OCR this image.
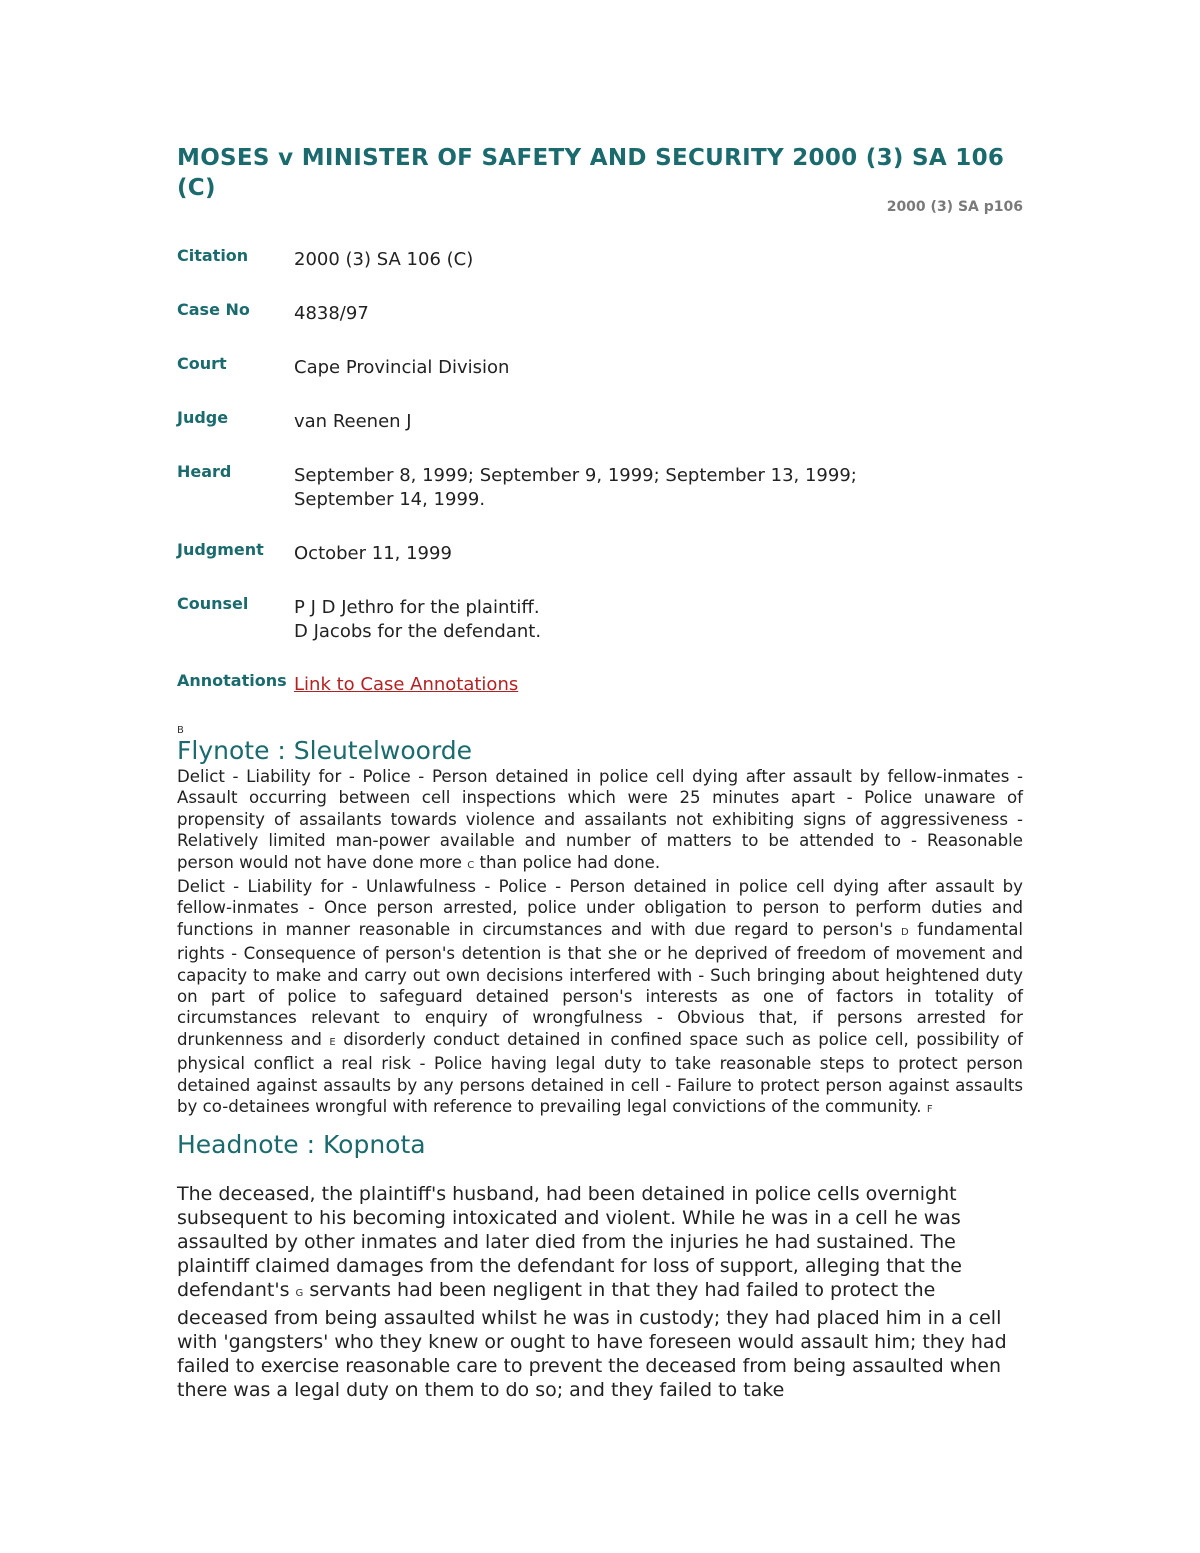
MOSES v MINISTER OF SAFETY AND SECURITY 2000 (3) SA 106 (C)
2000 (3) SA p106
Citation	2000 (3) SA 106 (C)
Case No 4838/97
Court	Cape Provincial Division
Judge	van Reenen J
Heard	September 8, 1999; September 9, 1999; September 13, 1999;
September 14, 1999.
Judgment October 11, 1999
Counsel	P J D Jethro for the plaintiff.
D Jacobs for the defendant.
Annotations Link to Case Annotations
B
Flynote : Sleutelwoorde

Delict - Liability for - Police - Person detained in police cell dying after assault by fellow-inmates - Assault occurring between cell inspections which were 25 minutes apart - Police unaware of propensity of assailants towards violence and assailants not exhibiting signs of aggressiveness - Relatively limited man-power available and number of matters to be attended to - Reasonable person would not have done more C than police had done.

Delict - Liability for - Unlawfulness - Police - Person detained in police cell dying after assault by fellow-inmates - Once person arrested, police under obligation to person to perform duties and functions in manner reasonable in circumstances and with due regard to person's D fundamental rights - Consequence of person's detention is that she or he deprived of freedom of movement and capacity to make and carry out own decisions interfered with - Such bringing about heightened duty on part of police to safeguard detained person's interests as one of factors in totality of circumstances relevant to enquiry of wrongfulness - Obvious that, if persons arrested for drunkenness and E disorderly conduct detained in confined space such as police cell, possibility of physical conflict a real risk - Police having legal duty to take reasonable steps to protect person detained against assaults by any persons detained in cell - Failure to protect person against assaults by co-detainees wrongful with reference to prevailing legal convictions of the community. F

Headnote : Kopnota
The deceased, the plaintiff's husband, had been detained in police cells overnight subsequent to his becoming intoxicated and violent. While he was in a cell he was assaulted by other inmates and later died from the injuries he had sustained. The plaintiff claimed damages from the defendant for loss of support, alleging that the defendant's G servants had been negligent in that they had failed to protect the deceased from being assaulted whilst he was in custody; they had placed him in a cell with 'gangsters' who they knew or ought to have foreseen would assault him; they had failed to exercise reasonable care to prevent the deceased from being assaulted when there was a legal duty on them to do so; and they failed to take
